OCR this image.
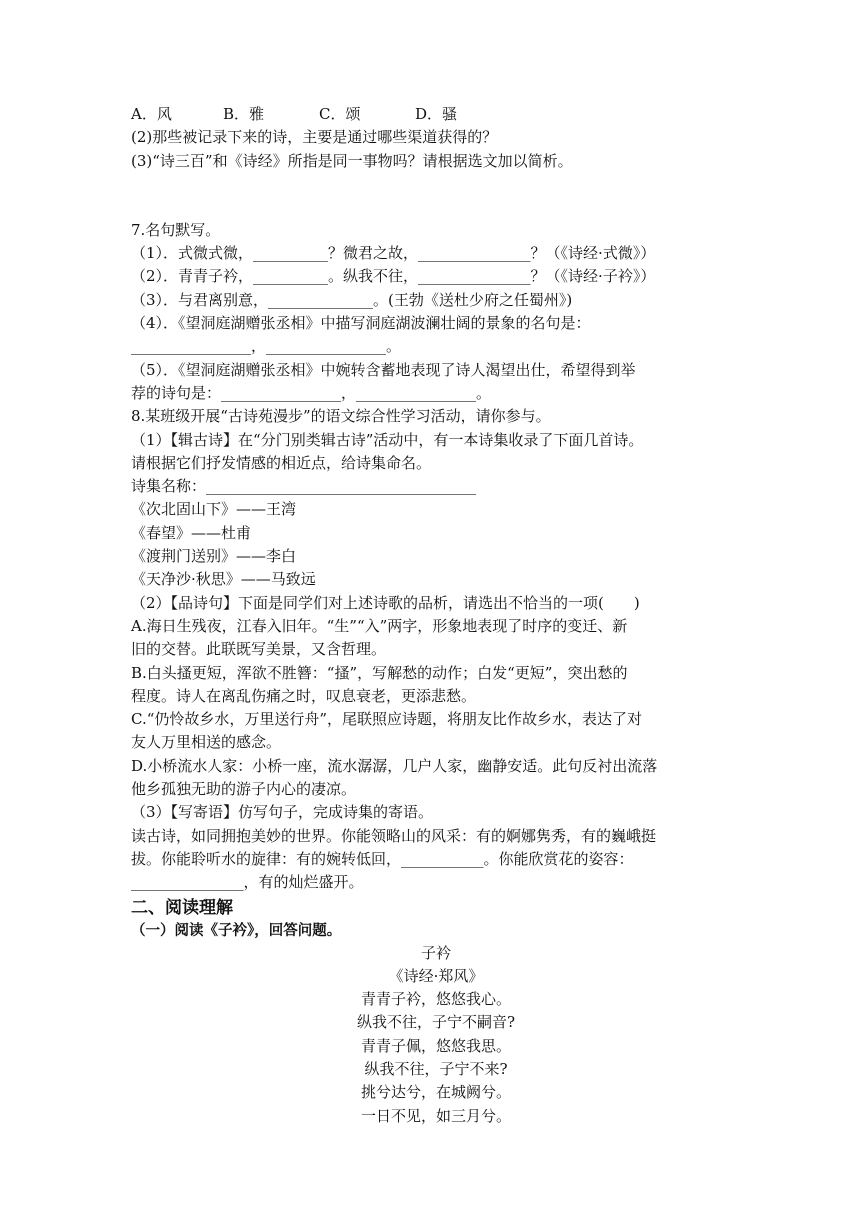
A．风	B．雅	C．颂	D．骚
(2)那些被记录下来的诗，主要是通过哪些渠道获得的？
(3)“诗三百”和《诗经》所指是同一事物吗？请根据选文加以简析。
7.名句默写。
（1）．式微式微，__________？微君之故，_______________？（《诗经·式微》）
（2）．青青子衿，__________。纵我不往，_______________？（《诗经·子衿》）
（3）．与君离别意，______________。(王勃《送杜少府之任蜀州》)
（4）．《望洞庭湖赠张丞相》中描写洞庭湖波澜壮阔的景象的名句是：
________________，________________。
（5）．《望洞庭湖赠张丞相》中婉转含蓄地表现了诗人渴望出仕，希望得到举
荐的诗句是：________________，________________。
8.某班级开展“古诗苑漫步”的语文综合性学习活动，请你参与。
（1）【辑古诗】在“分门别类辑古诗”活动中，有一本诗集收录了下面几首诗。
请根据它们抒发情感的相近点，给诗集命名。
诗集名称：____________________________________
《次北固山下》——王湾
《春望》——杜甫
《渡荆门送别》——李白
《天净沙·秋思》——马致远
（2）【品诗句】下面是同学们对上述诗歌的品析，请选出不恰当的一项(　　)
A.海日生残夜，江春入旧年。“生”“入”两字，形象地表现了时序的变迁、新
旧的交替。此联既写美景，又含哲理。
B.白头搔更短，浑欲不胜簪：“搔”，写解愁的动作；白发“更短”，突出愁的
程度。诗人在离乱伤痛之时，叹息衰老，更添悲愁。
C.“仍怜故乡水，万里送行舟”，尾联照应诗题，将朋友比作故乡水，表达了对
友人万里相送的感念。
D.小桥流水人家：小桥一座，流水潺潺，几户人家，幽静安适。此句反衬出流落
他乡孤独无助的游子内心的凄凉。
（3）【写寄语】仿写句子，完成诗集的寄语。
读古诗，如同拥抱美妙的世界。你能领略山的风采：有的婀娜隽秀，有的巍峨挺
拔。你能聆听水的旋律：有的婉转低回，___________。你能欣赏花的姿容：
_______________，有的灿烂盛开。
二、阅读理解
（一）阅读《子衿》，回答问题。
子衿
《诗经·郑风》
青青子衿，悠悠我心。
纵我不往，子宁不嗣音?
青青子佩，悠悠我思。
纵我不往，子宁不来?
挑兮达兮，在城阙兮。
一日不见，如三月兮。
